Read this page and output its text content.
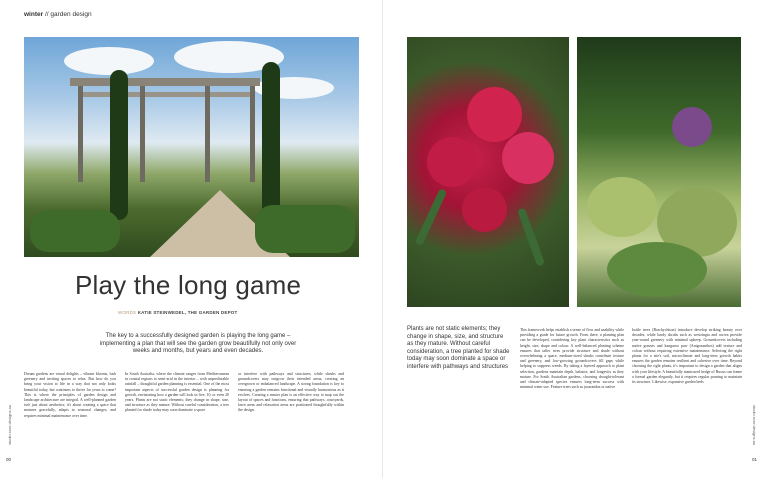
winter // garden design
Play the long game
WORDS KATIE STEINWEDEL, THE GARDEN DEPOT
The key to a successfully designed garden is playing the long game – implementing a plan that will see the garden grow beautifully not only over weeks and months, but years and even decades.
Dream gardens are visual delights – vibrant blooms, lush greenery and inviting spaces to relax. But how do you bring your vision to life in a way that not only looks beautiful today, but continues to thrive for years to come? This is where the principles of garden design and landscape architecture are integral. A well-planned garden isn't just about aesthetics; it's about creating a space that matures gracefully, adapts to seasonal changes, and requires minimal maintenance over time.
In South Australia, where the climate ranges from Mediterranean in coastal regions to semi-arid in the interior – with unpredictable rainfall – thoughtful garden planning is essential. One of the most important aspects of successful garden design is planning for growth, envisioning how a garden will look in five, 10, or even 20 years. Plants are not static elements; they change in shape, size, and structure as they mature. Without careful consideration, a tree planted for shade today may soon dominate a space
or interfere with pathways and structures, while shrubs and groundcovers may outgrow their intended areas, creating an overgrown or imbalanced landscape. A strong foundation is key to ensuring a garden remains functional and visually harmonious as it evolves. Creating a master plan is an effective way to map out the layout of spaces and functions, ensuring that pathways, courtyards, lawn areas and relaxation areas are positioned thoughtfully within the design.
studio.rose.designs.au
00
Plants are not static elements; they change in shape, size, and structure as they mature. Without careful consideration, a tree planted for shade today may soon dominate a space or interfere with pathways and structures
This framework helps establish a sense of flow and usability while providing a guide for future growth. From there, a planting plan can be developed, considering key plant characteristics such as height, size, shape and colour. A well-balanced planting scheme ensures that taller trees provide structure and shade without overwhelming a space, medium-sized shrubs contribute texture and greenery, and low-growing groundcovers fill gaps while helping to suppress weeds. By taking a layered approach to plant selection, gardens maintain depth, balance, and longevity as they mature. For South Australian gardens, choosing drought-tolerant and climate-adapted species ensures long-term success with minimal water use. Feature trees such as jacarandas or native
bottle trees (Brachychiton) introduce develop striking beauty over decades, while hardy shrubs such as westringia and correa provide year-round greenery with minimal upkeep. Groundcovers including native grasses and kangaroo paw (Anigozanthos) add texture and colour without requiring extensive maintenance. Selecting the right plants for a site's soil, microclimate and long-term growth habits ensures the garden remains resilient and cohesive over time. Beyond choosing the right plants, it's important to design a garden that aligns with your lifestyle. A beautifully manicured hedge of Buxus can frame a formal garden elegantly, but it requires regular pruning to maintain its structure. Likewise, expansive garden beds
studio.rose.designs.au
01
